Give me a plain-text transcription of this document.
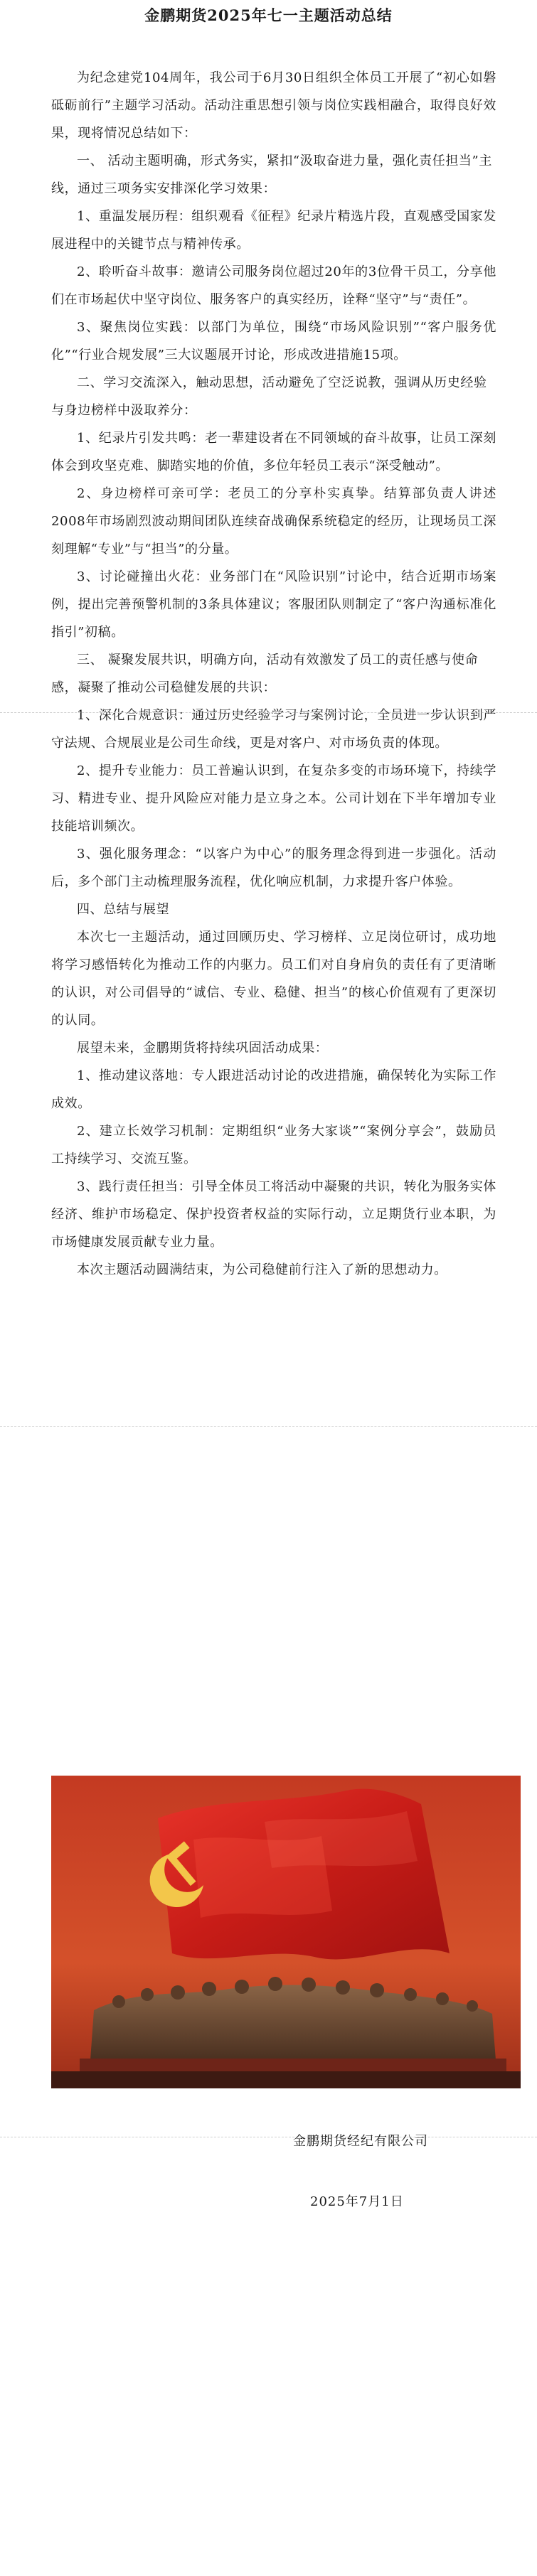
金鹏期货2025年七一主题活动总结

为纪念建党104周年，我公司于6月30日组织全体员工开展了“初心如磐 砥砺前行”主题学习活动。活动注重思想引领与岗位实践相融合，取得良好效果，现将情况总结如下：

一、 活动主题明确，形式务实，紧扣“汲取奋进力量，强化责任担当”主线，通过三项务实安排深化学习效果：

1、重温发展历程：组织观看《征程》纪录片精选片段，直观感受国家发展进程中的关键节点与精神传承。

2、聆听奋斗故事：邀请公司服务岗位超过20年的3位骨干员工，分享他们在市场起伏中坚守岗位、服务客户的真实经历，诠释“坚守”与“责任”。

3、聚焦岗位实践：以部门为单位，围绕“市场风险识别”“客户服务优化”“行业合规发展”三大议题展开讨论，形成改进措施15项。

二、学习交流深入，触动思想，活动避免了空泛说教，强调从历史经验与身边榜样中汲取养分：

1、纪录片引发共鸣：老一辈建设者在不同领域的奋斗故事，让员工深刻体会到攻坚克难、脚踏实地的价值，多位年轻员工表示“深受触动”。

2、身边榜样可亲可学：老员工的分享朴实真挚。结算部负责人讲述2008年市场剧烈波动期间团队连续奋战确保系统稳定的经历，让现场员工深刻理解“专业”与“担当”的分量。

3、讨论碰撞出火花：业务部门在“风险识别”讨论中，结合近期市场案例，提出完善预警机制的3条具体建议；客服团队则制定了“客户沟通标准化指引”初稿。

三、 凝聚发展共识，明确方向，活动有效激发了员工的责任感与使命感，凝聚了推动公司稳健发展的共识：

1、深化合规意识：通过历史经验学习与案例讨论，全员进一步认识到严守法规、合规展业是公司生命线，更是对客户、对市场负责的体现。

2、提升专业能力：员工普遍认识到，在复杂多变的市场环境下，持续学习、精进专业、提升风险应对能力是立身之本。公司计划在下半年增加专业技能培训频次。

3、强化服务理念：“以客户为中心”的服务理念得到进一步强化。活动后，多个部门主动梳理服务流程，优化响应机制，力求提升客户体验。

四、总结与展望

本次七一主题活动，通过回顾历史、学习榜样、立足岗位研讨，成功地将学习感悟转化为推动工作的内驱力。员工们对自身肩负的责任有了更清晰的认识，对公司倡导的“诚信、专业、稳健、担当”的核心价值观有了更深切的认同。

展望未来，金鹏期货将持续巩固活动成果：

1、推动建议落地：专人跟进活动讨论的改进措施，确保转化为实际工作成效。

2、建立长效学习机制：定期组织“业务大家谈”“案例分享会”，鼓励员工持续学习、交流互鉴。

3、践行责任担当：引导全体员工将活动中凝聚的共识，转化为服务实体经济、维护市场稳定、保护投资者权益的实际行动，立足期货行业本职，为市场健康发展贡献专业力量。

本次主题活动圆满结束，为公司稳健前行注入了新的思想动力。

金鹏期货经纪有限公司
2025年7月1日
